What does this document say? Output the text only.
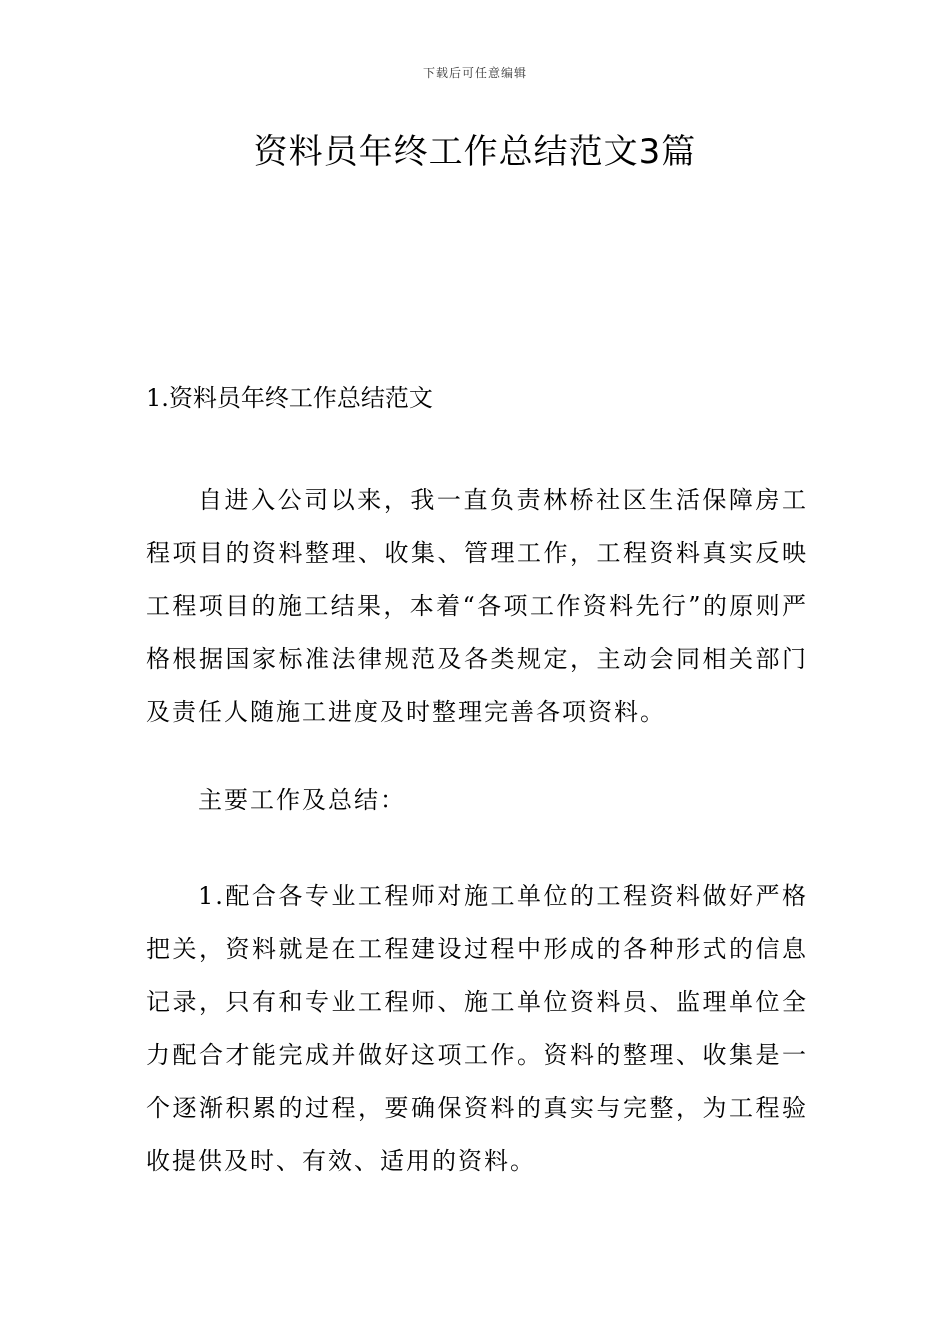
下载后可任意编辑
资料员年终工作总结范文3篇

1.资料员年终工作总结范文

自进入公司以来，我一直负责林桥社区生活保障房工程项目的资料整理、收集、管理工作，工程资料真实反映工程项目的施工结果，本着“各项工作资料先行”的原则严格根据国家标准法律规范及各类规定，主动会同相关部门及责任人随施工进度及时整理完善各项资料。

主要工作及总结：

1.配合各专业工程师对施工单位的工程资料做好严格把关，资料就是在工程建设过程中形成的各种形式的信息记录，只有和专业工程师、施工单位资料员、监理单位全力配合才能完成并做好这项工作。资料的整理、收集是一个逐渐积累的过程，要确保资料的真实与完整，为工程验收提供及时、有效、适用的资料。
